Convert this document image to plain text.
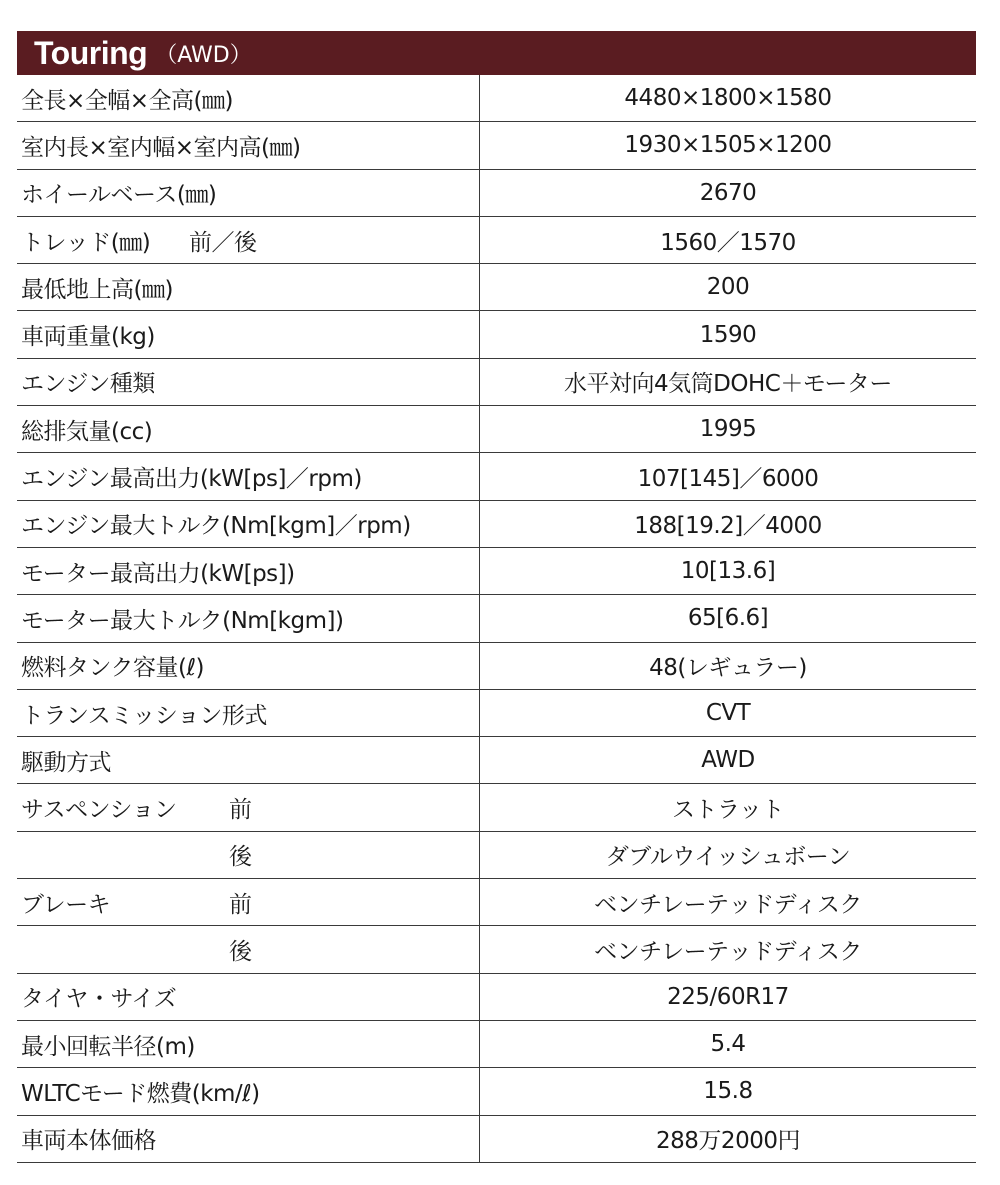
Touring （AWD）
全長×全幅×全高(㎜)	4480×1800×1580
室内長×室内幅×室内高(㎜)	1930×1505×1200
ホイールベース(㎜)	2670
トレッド(㎜) 前／後	1560／1570
最低地上高(㎜)	200
車両重量(kg)	1590
エンジン種類	水平対向4気筒DOHC＋モーター
総排気量(cc)	1995
エンジン最高出力(kW[ps]／rpm)	107[145]／6000
エンジン最大トルク(Nm[kgm]／rpm)	188[19.2]／4000
モーター最高出力(kW[ps])	10[13.6]
モーター最大トルク(Nm[kgm])	65[6.6]
燃料タンク容量(ℓ)	48(レギュラー)
トランスミッション形式	CVT
駆動方式	AWD
サスペンション 前	ストラット
後	ダブルウイッシュボーン
ブレーキ 前	ベンチレーテッドディスク
後	ベンチレーテッドディスク
タイヤ・サイズ	225/60R17
最小回転半径(m)	5.4
WLTCモード燃費(km/ℓ)	15.8
車両本体価格	288万2000円
